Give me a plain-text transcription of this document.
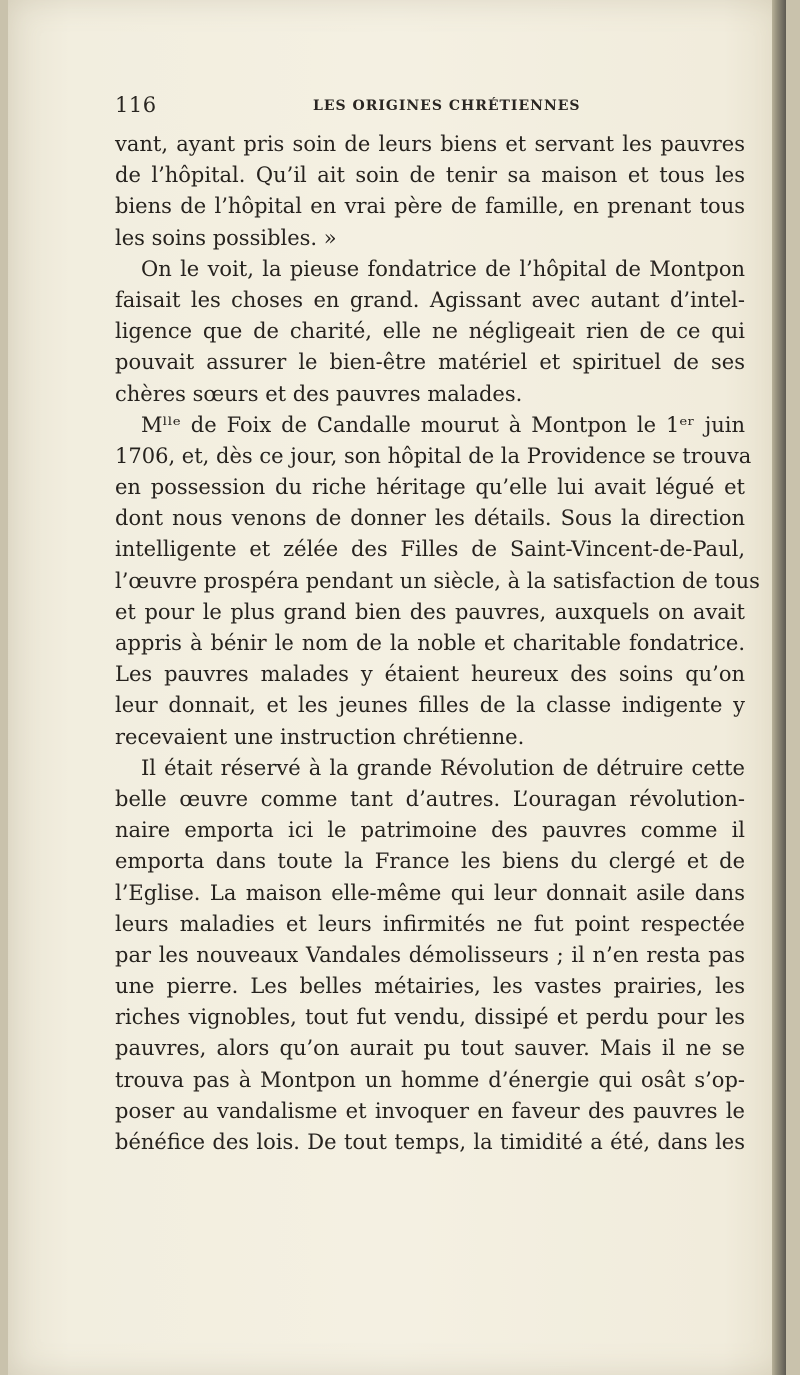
116	LES ORIGINES CHRÉTIENNES
vant, ayant pris soin de leurs biens et servant les pauvres
de l’hôpital. Qu’il ait soin de tenir sa maison et tous les
biens de l’hôpital en vrai père de famille, en prenant tous
les soins possibles. »
On le voit, la pieuse fondatrice de l’hôpital de Montpon
faisait les choses en grand. Agissant avec autant d’intel-
ligence que de charité, elle ne négligeait rien de ce qui
pouvait assurer le bien-être matériel et spirituel de ses
chères sœurs et des pauvres malades.
Mˡˡᵉ de Foix de Candalle mourut à Montpon le 1ᵉʳ juin
1706, et, dès ce jour, son hôpital de la Providence se trouva
en possession du riche héritage qu’elle lui avait légué et
dont nous venons de donner les détails. Sous la direction
intelligente et zélée des Filles de Saint-Vincent-de-Paul,
l’œuvre prospéra pendant un siècle, à la satisfaction de tous
et pour le plus grand bien des pauvres, auxquels on avait
appris à bénir le nom de la noble et charitable fondatrice.
Les pauvres malades y étaient heureux des soins qu’on
leur donnait, et les jeunes filles de la classe indigente y
recevaient une instruction chrétienne.
Il était réservé à la grande Révolution de détruire cette
belle œuvre comme tant d’autres. L’ouragan révolution-
naire emporta ici le patrimoine des pauvres comme il
emporta dans toute la France les biens du clergé et de
l’Eglise. La maison elle-même qui leur donnait asile dans
leurs maladies et leurs infirmités ne fut point respectée
par les nouveaux Vandales démolisseurs ; il n’en resta pas
une pierre. Les belles métairies, les vastes prairies, les
riches vignobles, tout fut vendu, dissipé et perdu pour les
pauvres, alors qu’on aurait pu tout sauver. Mais il ne se
trouva pas à Montpon un homme d’énergie qui osât s’op-
poser au vandalisme et invoquer en faveur des pauvres le
bénéfice des lois. De tout temps, la timidité a été, dans les
